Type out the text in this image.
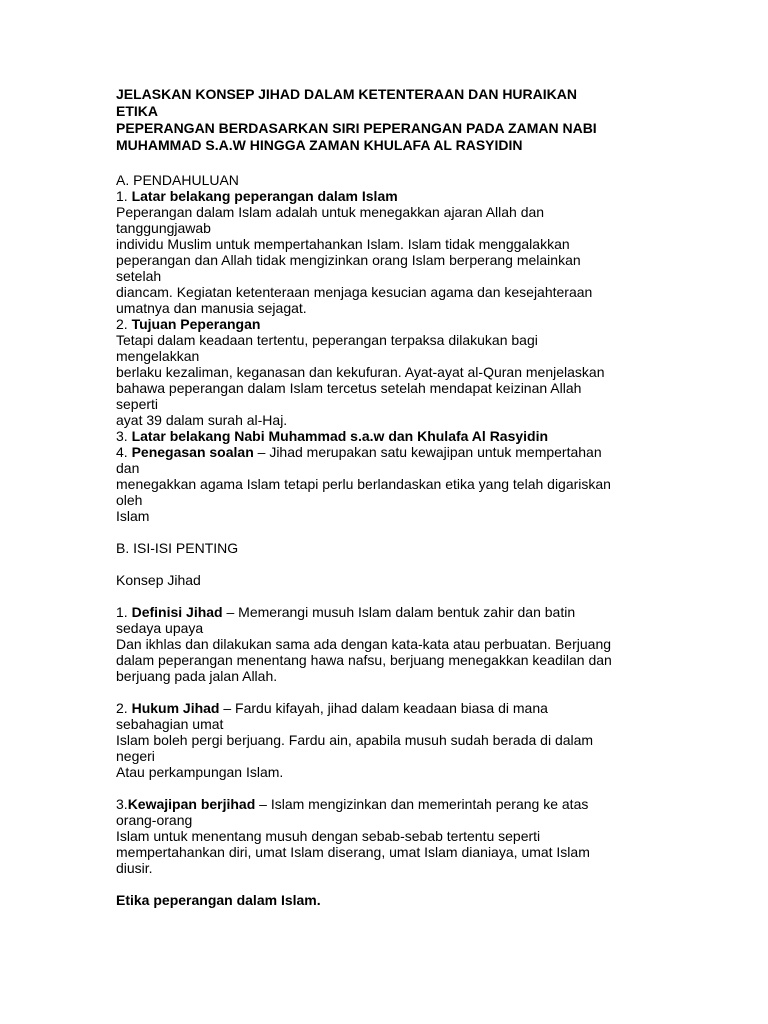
JELASKAN KONSEP JIHAD DALAM KETENTERAAN DAN HURAIKAN
ETIKA
PEPERANGAN BERDASARKAN SIRI PEPERANGAN PADA ZAMAN NABI
MUHAMMAD S.A.W HINGGA ZAMAN KHULAFA AL RASYIDIN

A. PENDAHULUAN

1. Latar belakang peperangan dalam Islam

Peperangan dalam Islam adalah untuk menegakkan ajaran Allah dan

tanggungjawab

individu Muslim untuk mempertahankan Islam. Islam tidak menggalakkan

peperangan dan Allah tidak mengizinkan orang Islam berperang melainkan

setelah

diancam. Kegiatan ketenteraan menjaga kesucian agama dan kesejahteraan

umatnya dan manusia sejagat.

2. Tujuan Peperangan

Tetapi dalam keadaan tertentu, peperangan terpaksa dilakukan bagi

mengelakkan

berlaku kezaliman, keganasan dan kekufuran. Ayat-ayat al-Quran menjelaskan

bahawa peperangan dalam Islam tercetus setelah mendapat keizinan Allah

seperti

ayat 39 dalam surah al-Haj.

3. Latar belakang Nabi Muhammad s.a.w dan Khulafa Al Rasyidin

4. Penegasan soalan – Jihad merupakan satu kewajipan untuk mempertahan

dan

menegakkan agama Islam tetapi perlu berlandaskan etika yang telah digariskan

oleh

Islam

B. ISI-ISI PENTING

Konsep Jihad

1. Definisi Jihad – Memerangi musuh Islam dalam bentuk zahir dan batin

sedaya upaya

Dan ikhlas dan dilakukan sama ada dengan kata-kata atau perbuatan. Berjuang

dalam peperangan menentang hawa nafsu, berjuang menegakkan keadilan dan

berjuang pada jalan Allah.

2. Hukum Jihad – Fardu kifayah, jihad dalam keadaan biasa di mana

sebahagian umat

Islam boleh pergi berjuang. Fardu ain, apabila musuh sudah berada di dalam

negeri

Atau perkampungan Islam.

3.Kewajipan berjihad – Islam mengizinkan dan memerintah perang ke atas

orang-orang

Islam untuk menentang musuh dengan sebab-sebab tertentu seperti

mempertahankan diri, umat Islam diserang, umat Islam dianiaya, umat Islam

diusir.

Etika peperangan dalam Islam.
